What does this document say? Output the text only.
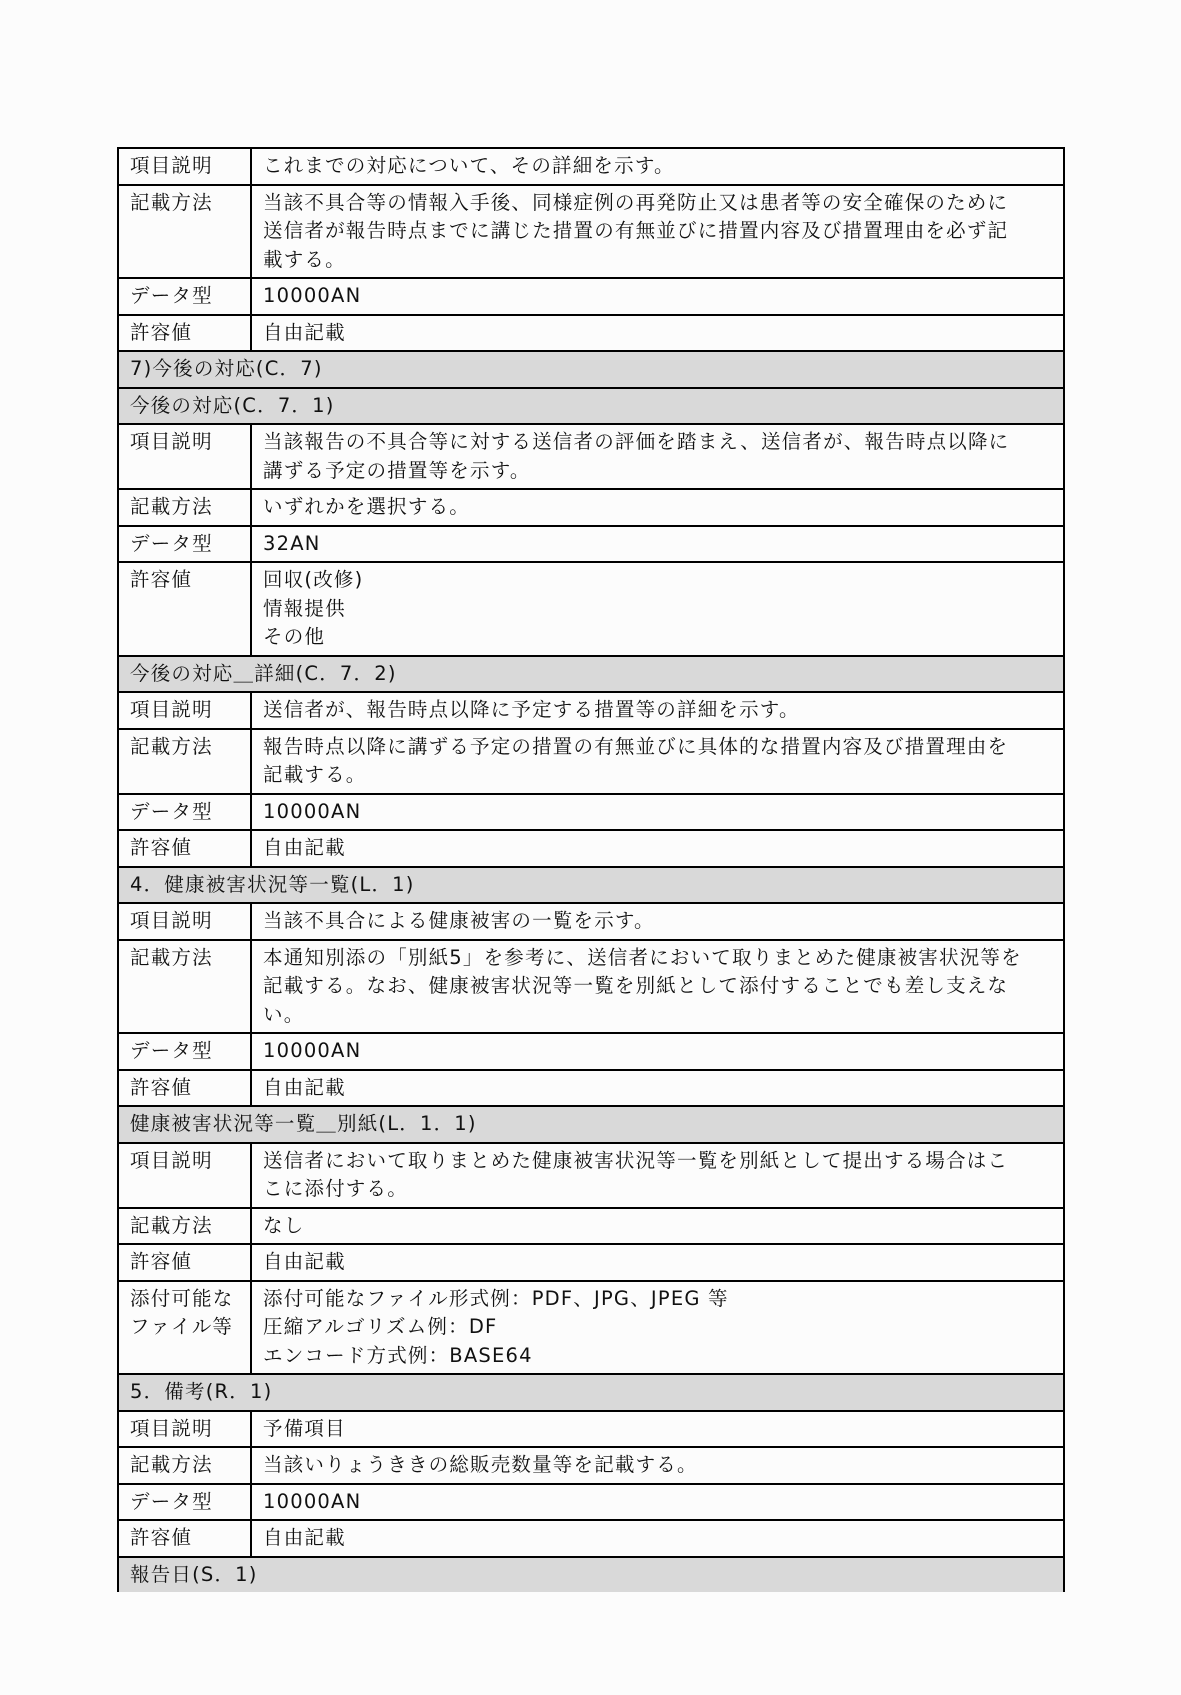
項目説明	これまでの対応について、その詳細を示す。

記載方法	当該不具合等の情報入手後、同様症例の再発防止又は患者等の安全確保のために
送信者が報告時点までに講じた措置の有無並びに措置内容及び措置理由を必ず記
載する。

データ型	10000AN

許容値	自由記載

7)今後の対応(C．7)	
今後の対応(C．7．1)	
項目説明	当該報告の不具合等に対する送信者の評価を踏まえ、送信者が、報告時点以降に
講ずる予定の措置等を示す。

記載方法	いずれかを選択する。

データ型	32AN

許容値	回収(改修)
情報提供
その他

今後の対応＿詳細(C．7．2)	
項目説明	送信者が、報告時点以降に予定する措置等の詳細を示す。

記載方法	報告時点以降に講ずる予定の措置の有無並びに具体的な措置内容及び措置理由を
記載する。

データ型	10000AN

許容値	自由記載

4．健康被害状況等一覧(L．1)	
項目説明	当該不具合による健康被害の一覧を示す。

記載方法	本通知別添の「別紙5」を参考に、送信者において取りまとめた健康被害状況等を
記載する。なお、健康被害状況等一覧を別紙として添付することでも差し支えな
い。

データ型	10000AN

許容値	自由記載

健康被害状況等一覧＿別紙(L．1．1)	
項目説明	送信者において取りまとめた健康被害状況等一覧を別紙として提出する場合はこ
こに添付する。

記載方法	なし

許容値	自由記載

添付可能な
ファイル等	添付可能なファイル形式例：PDF、JPG、JPEG 等
圧縮アルゴリズム例：DF
エンコード方式例：BASE64

5．備考(R．1)	
項目説明	予備項目

記載方法	当該いりょうききの総販売数量等を記載する。

データ型	10000AN

許容値	自由記載

報告日(S．1)	
